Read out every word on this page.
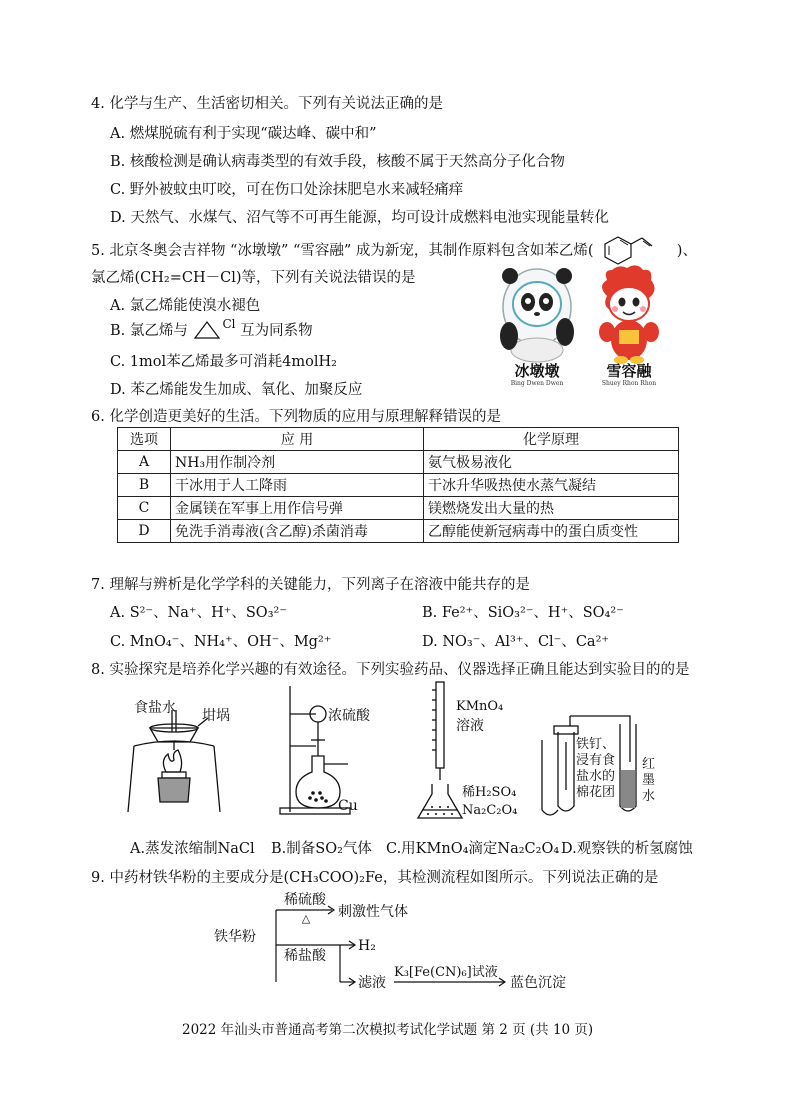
4. 化学与生产、生活密切相关。下列有关说法正确的是
A. 燃煤脱硫有利于实现“碳达峰、碳中和”
B. 核酸检测是确认病毒类型的有效手段，核酸不属于天然高分子化合物
C. 野外被蚊虫叮咬，可在伤口处涂抹肥皂水来减轻痛痒
D. 天然气、水煤气、沼气等不可再生能源，均可设计成燃料电池实现能量转化
5. 北京冬奥会吉祥物 “冰墩墩” “雪容融” 成为新宠，其制作原料包含如苯乙烯(	)、
氯乙烯(CH₂=CH－Cl)等，下列有关说法错误的是
A. 氯乙烯能使溴水褪色
B. 氯乙烯与	$^{Cl}$ 互为同系物
C. 1mol苯乙烯最多可消耗4molH₂
D. 苯乙烯能发生加成、氧化、加聚反应
冰墩墩
Bing Dwen Dwen
雪容融
Shuey Rhon Rhon
6. 化学创造更美好的生活。下列物质的应用与原理解释错误的是
选项	应 用	化学原理
A	NH₃用作制冷剂	氨气极易液化
B	干冰用于人工降雨	干冰升华吸热使水蒸气凝结
C	金属镁在军事上用作信号弹	镁燃烧发出大量的热
D	免洗手消毒液(含乙醇)杀菌消毒	乙醇能使新冠病毒中的蛋白质变性
7. 理解与辨析是化学学科的关键能力，下列离子在溶液中能共存的是
A. S²⁻、Na⁺、H⁺、SO₃²⁻	B. Fe²⁺、SiO₃²⁻、H⁺、SO₄²⁻
C. MnO₄⁻、NH₄⁺、OH⁻、Mg²⁺	D. NO₃⁻、Al³⁺、Cl⁻、Ca²⁺
8. 实验探究是培养化学兴趣的有效途径。下列实验药品、仪器选择正确且能达到实验目的的是
食盐水 坩埚	浓硫酸
Cu
KMnO₄
溶液
稀H₂SO₄
Na₂C₂O₄
铁钉、
浸有食
盐水的
棉花团
红
墨
水
A.蒸发浓缩制NaCl B.制备SO₂气体 C.用KMnO₄滴定Na₂C₂O₄ D.观察铁的析氢腐蚀
9. 中药材铁华粉的主要成分是(CH₃COO)₂Fe，其检测流程如图所示。下列说法正确的是
稀硫酸
△ 刺激性气体
铁华粉
稀盐酸
H₂
滤液
K₃[Fe(CN)₆]试液
蓝色沉淀
2022 年汕头市普通高考第二次模拟考试化学试题 第 2 页 (共 10 页)
